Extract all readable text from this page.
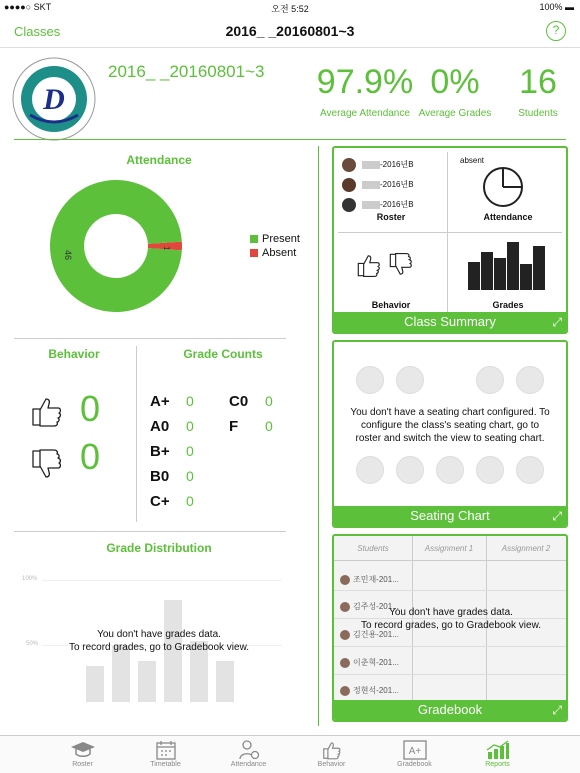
●●●●○ SKT	오전 5:52	100% ▬
Classes	2016_ _20160801~3	?
D
2016_ _20160801~3 97.9%
Average Attendance
0%
Average Grades
16
Students
Attendance
46
1
Present
Absent
Behavior
0
0
Grade Counts
A+ 0
A0 0
B+ 0
B0 0
C+ 0
C0 0
F 0
Grade Distribution
100%
50%
You don't have grades data.
To record grades, go to Gradebook view.
-2016년B
-2016년B
-2016년B
Roster
absent
Attendance
Behavior	Grades
Class Summary	⤢
You don't have a seating chart configured. To configure the class's seating chart, go to roster and switch the view to seating chart.
Seating Chart	⤢
Students	Assignment 1	Assignment 2
조민재-201...
김주성-201...
김건용-201...
이춘혁-201...
정현석-201...
You don't have grades data.
To record grades, go to Gradebook view.
Gradebook	⤢
Roster	Timetable	Attendance	Behavior
A+
Gradebook	Reports
